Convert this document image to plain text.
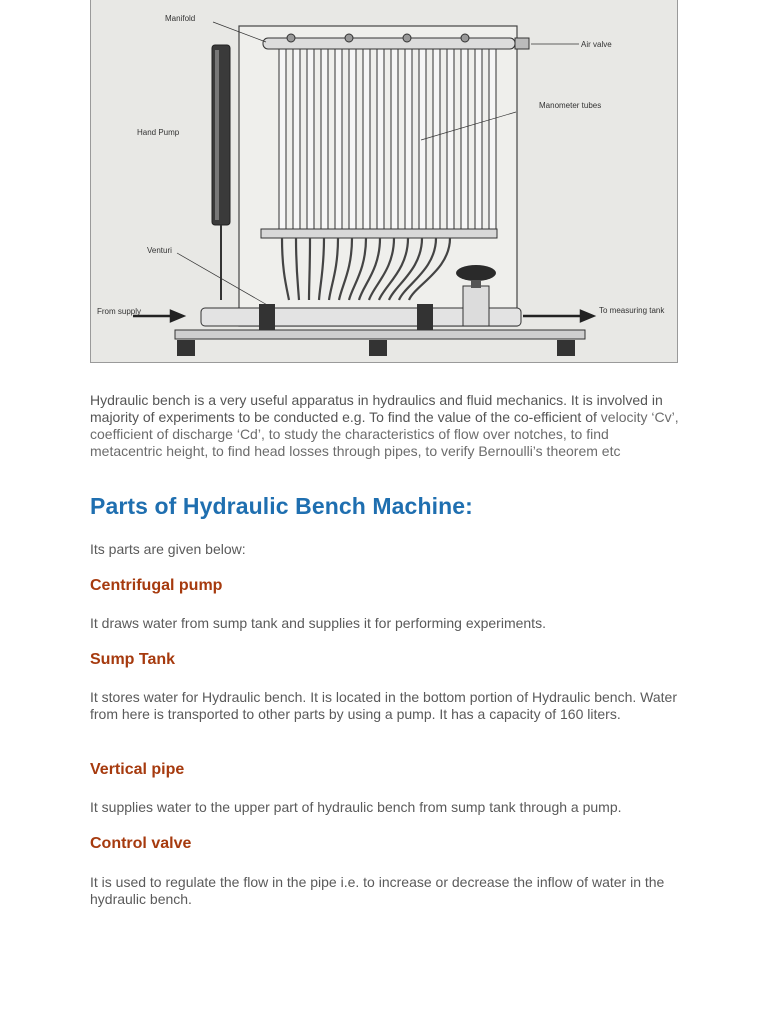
Manifold
Air valve
Manometer tubes
Hand Pump
Venturi
From supply	To measuring tank
Hydraulic bench is a very useful apparatus in hydraulics and fluid mechanics. It is involved in majority of experiments to be conducted e.g. To find the value of the co-efficient of velocity ‘Cv’, coefficient of discharge ‘Cd’, to study the characteristics of flow over notches, to find metacentric height, to find head losses through pipes, to verify Bernoulli’s theorem etc
Parts of Hydraulic Bench Machine:

Its parts are given below:

Centrifugal pump

It draws water from sump tank and supplies it for performing experiments.

Sump Tank

It stores water for Hydraulic bench. It is located in the bottom portion of Hydraulic bench. Water from here is transported to other parts by using a pump. It has a capacity of 160 liters.

Vertical pipe

It supplies water to the upper part of hydraulic bench from sump tank through a pump.

Control valve

It is used to regulate the flow in the pipe i.e. to increase or decrease the inflow of water in the hydraulic bench.
